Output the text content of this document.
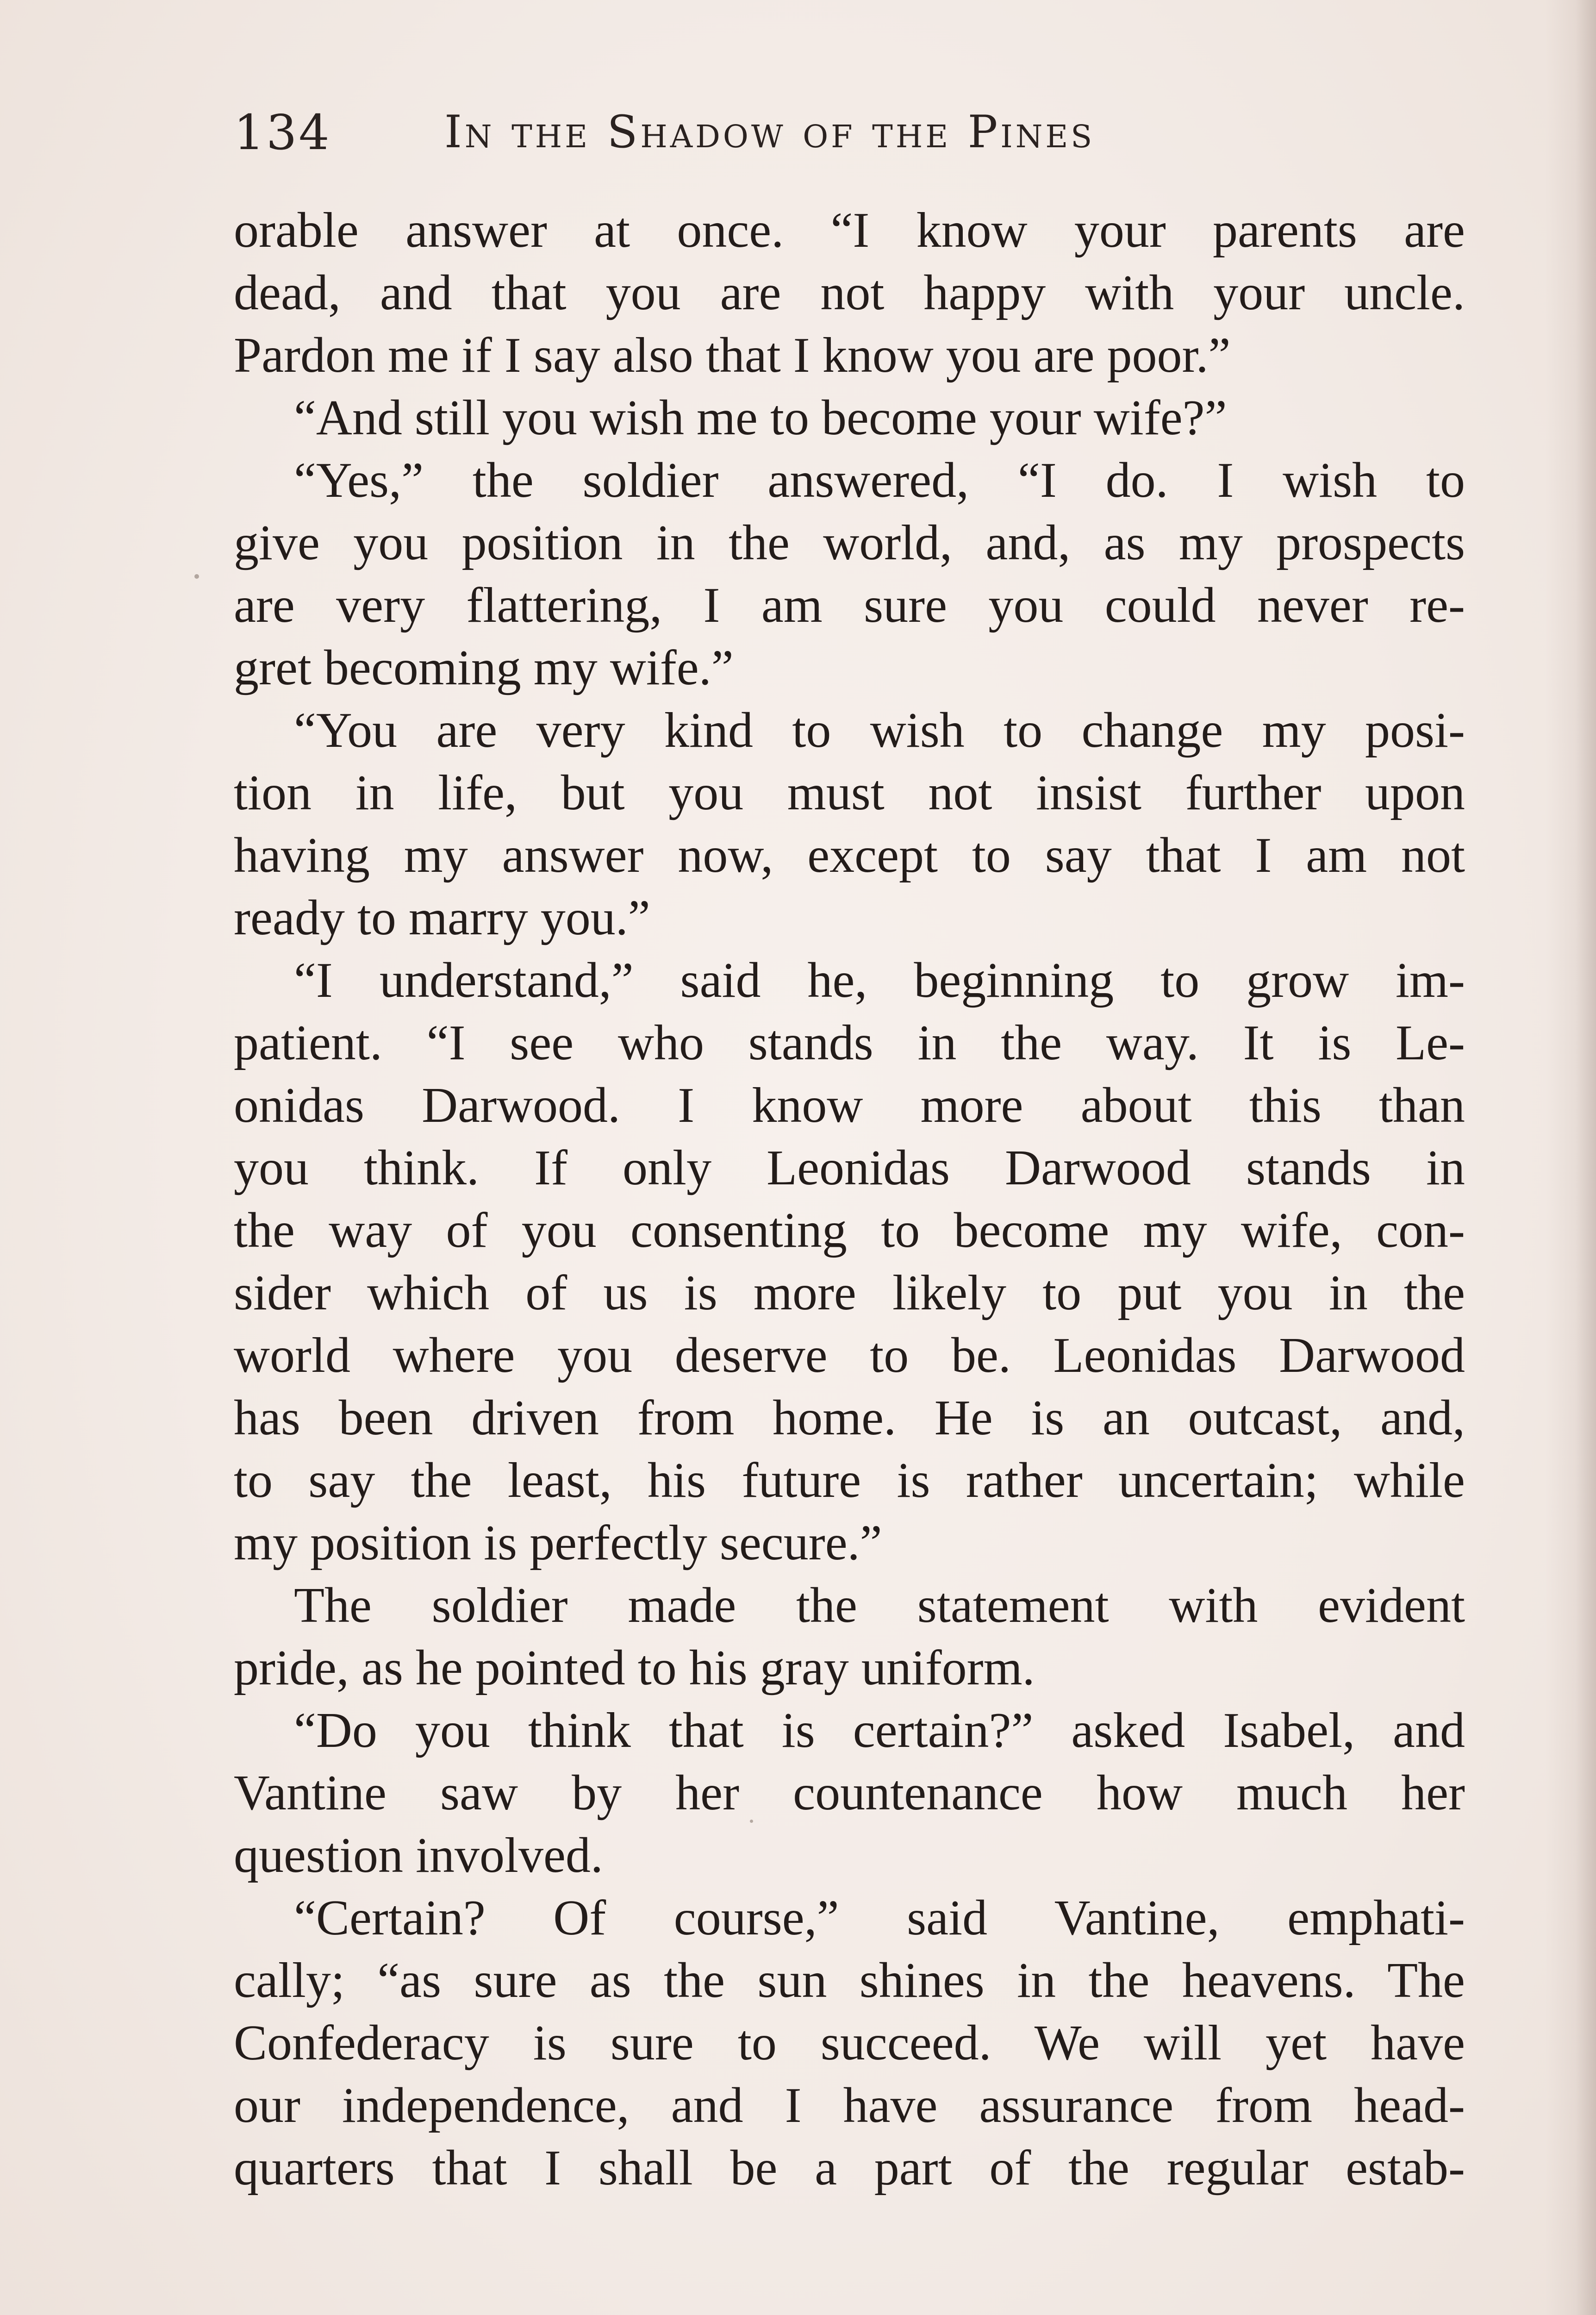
134	In the Shadow of the Pines
orable answer at once. “I know your parents are
dead, and that you are not happy with your uncle.
Pardon me if I say also that I know you are poor.”
“And still you wish me to become your wife?”
“Yes,” the soldier answered, “I do. I wish to
give you position in the world, and, as my prospects
are very flattering, I am sure you could never re-
gret becoming my wife.”
“You are very kind to wish to change my posi-
tion in life, but you must not insist further upon
having my answer now, except to say that I am not
ready to marry you.”
“I understand,” said he, beginning to grow im-
patient. “I see who stands in the way. It is Le-
onidas Darwood. I know more about this than
you think. If only Leonidas Darwood stands in
the way of you consenting to become my wife, con-
sider which of us is more likely to put you in the
world where you deserve to be. Leonidas Darwood
has been driven from home. He is an outcast, and,
to say the least, his future is rather uncertain; while
my position is perfectly secure.”
The soldier made the statement with evident
pride, as he pointed to his gray uniform.
“Do you think that is certain?” asked Isabel, and
Vantine saw by her countenance how much her
question involved.
“Certain? Of course,” said Vantine, emphati-
cally; “as sure as the sun shines in the heavens. The
Confederacy is sure to succeed. We will yet have
our independence, and I have assurance from head-
quarters that I shall be a part of the regular estab-
